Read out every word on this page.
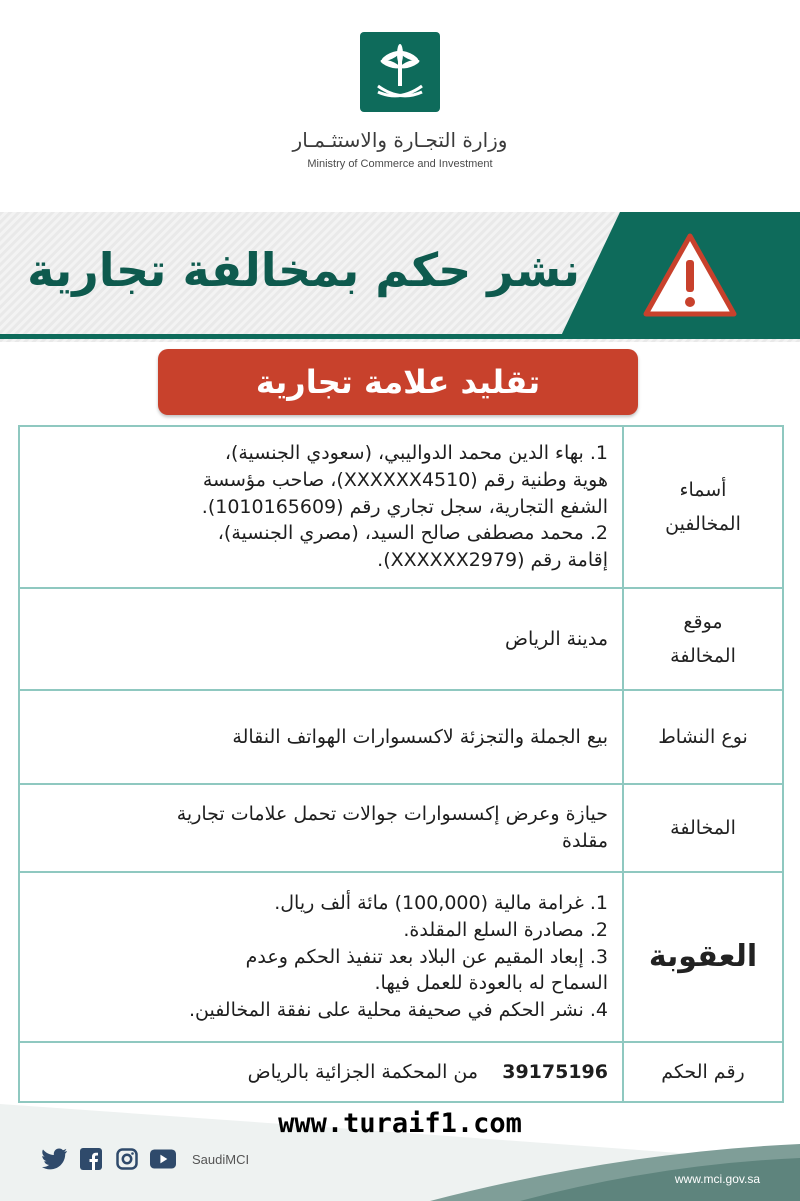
وزارة التجـارة والاستثـمـار
Ministry of Commerce and Investment
نشر حكم بمخالفة تجارية
تقليد علامة تجارية
أسماء
المخالفين

1. بهاء الدين محمد الدواليبي، (سعودي الجنسية)،

هوية وطنية رقم (XXXXXX4510)، صاحب مؤسسة

الشفع التجارية، سجل تجاري رقم (1010165609).

2. محمد مصطفى صالح السيد، (مصري الجنسية)،

إقامة رقم (XXXXXX2979).

موقع
المخالفة

مدينة الرياض

نوع النشاط

بيع الجملة والتجزئة لاكسسوارات الهواتف النقالة

المخالفة

حيازة وعرض إكسسوارات جوالات تحمل علامات تجارية

مقلدة

العقوبة

1. غرامة مالية (100,000) مائة ألف ريال.

2. مصادرة السلع المقلدة.

3. إبعاد المقيم عن البلاد بعد تنفيذ الحكم وعدم

السماح له بالعودة للعمل فيها.

4. نشر الحكم في صحيفة محلية على نفقة المخالفين.

رقم الحكم

39175196    من المحكمة الجزائية بالرياض

www.turaif1.com
SaudiMCI
www.mci.gov.sa
